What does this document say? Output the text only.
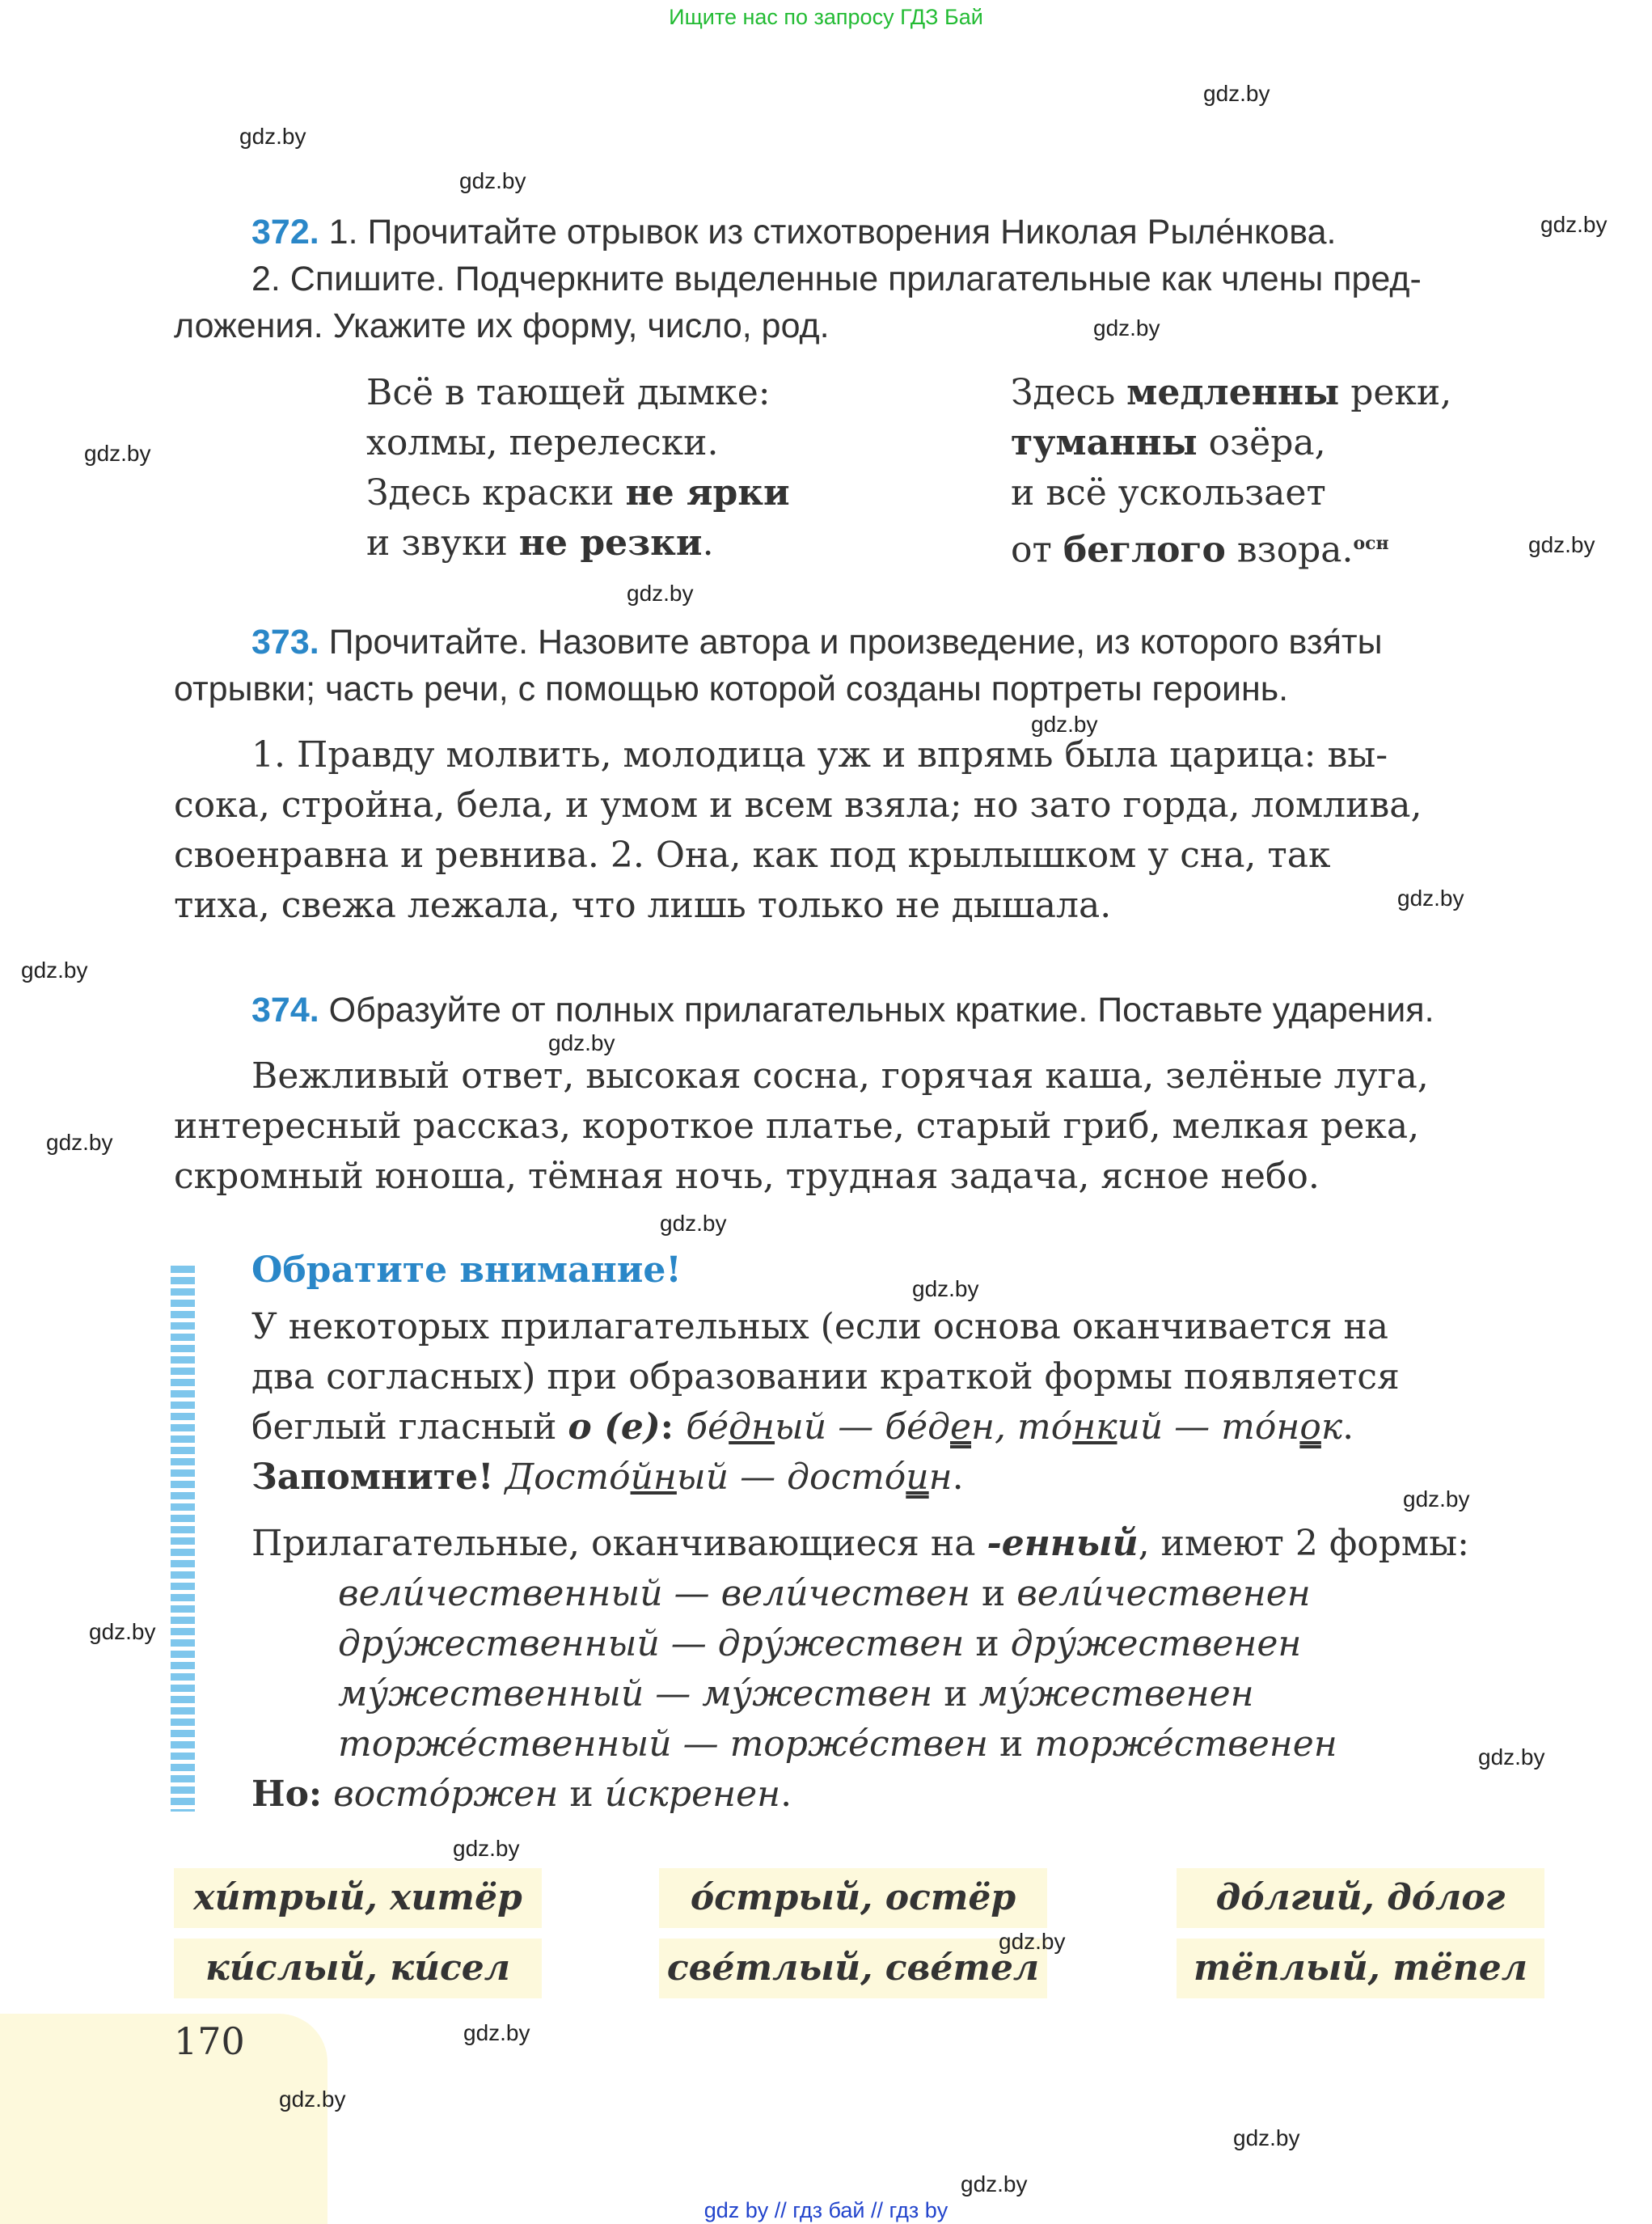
Ищите нас по запросу ГДЗ Бай
372. 1. Прочитайте отрывок из стихотворения Николая Рыле́нкова.
2. Спишите. Подчеркните выделенные прилагательные как члены пред-
ложения. Укажите их форму, число, род.
Всё в тающей дымке:
холмы, перелески.
Здесь краски не ярки
и звуки не резки.
Здесь медленны реки,
туманны озёра,
и всё ускользает
от беглого взора.$^{осн}$
373. Прочитайте. Назовите автора и произведение, из которого взя́ты
отрывки; часть речи, с помощью которой созданы портреты героинь.
1. Правду молвить, молодица уж и впрямь была царица: вы-
сока, стройна, бела, и умом и всем взяла; но зато горда, ломлива,
своенравна и ревнива. 2. Она, как под крылышком у сна, так
тиха, свежа лежала, что лишь только не дышала.
374. Образуйте от полных прилагательных краткие. Поставьте ударения.
Вежливый ответ, высокая сосна, горячая каша, зелёные луга,
интересный рассказ, короткое платье, старый гриб, мелкая река,
скромный юноша, тёмная ночь, трудная задача, ясное небо.
Обратите внимание!
У некоторых прилагательных (если основа оканчивается на
два согласных) при образовании краткой формы появляется
беглый гласный о (е): бе́дный — бе́ден, то́нкий — то́нок.
Запомните! Досто́йный — досто́ин.
Прилагательные, оканчивающиеся на -енный, имеют 2 формы:
вели́чественный — вели́чествен и вели́чественен
дру́жественный — дру́жествен и дру́жественен
му́жественный — му́жествен и му́жественен
торже́ственный — торже́ствен и торже́ственен
Но: восто́ржен и и́скренен.
хи́трый, хитёр	о́стрый, остёр	до́лгий, до́лог
ки́слый, ки́сел	све́тлый, све́тел	тёплый, тёпел
170
gdz.by
gdz.by
gdz.by
gdz.by
gdz.by
gdz.by
gdz.by
gdz.by
gdz.by
gdz.by
gdz.by
gdz.by
gdz.by
gdz.by
gdz.by
gdz.by
gdz.by
gdz.by
gdz.by
gdz.by
gdz.by
gdz.by
gdz.by
gdz.by
gdz by // гдз бай // гдз by
